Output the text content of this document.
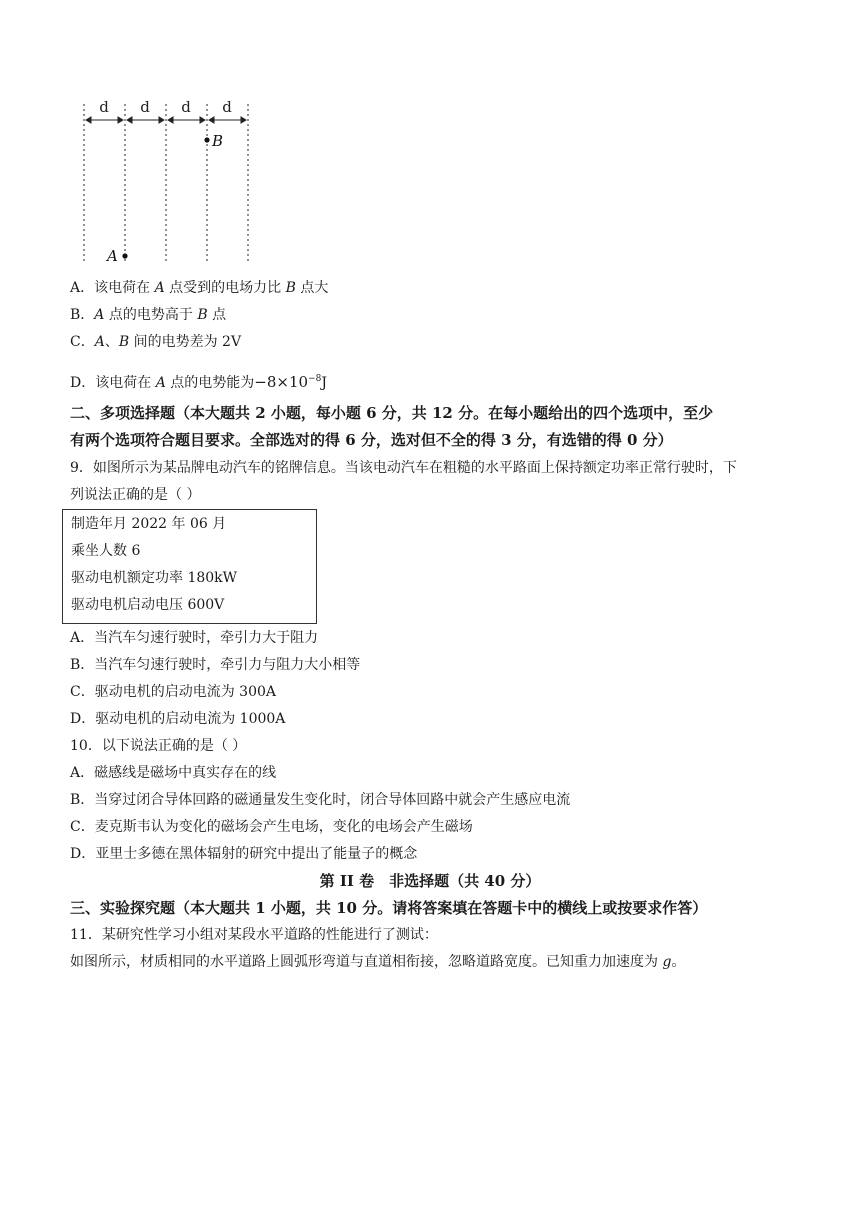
d d d d
B
A
A．该电荷在 A 点受到的电场力比 B 点大
B．A 点的电势高于 B 点
C．A、B 间的电势差为 2V
D．该电荷在 A 点的电势能为$-8\times 10^{-8}J$
二、多项选择题（本大题共 2 小题，每小题 6 分，共 12 分。在每小题给出的四个选项中，至少
有两个选项符合题目要求。全部选对的得 6 分，选对但不全的得 3 分，有选错的得 0 分）
9．如图所示为某品牌电动汽车的铭牌信息。当该电动汽车在粗糙的水平路面上保持额定功率正常行驶时，下
列说法正确的是（ ）
制造年月 2022 年 06 月
乘坐人数 6
驱动电机额定功率 180kW
驱动电机启动电压 600V
A．当汽车匀速行驶时，牵引力大于阻力
B．当汽车匀速行驶时，牵引力与阻力大小相等
C．驱动电机的启动电流为 300A
D．驱动电机的启动电流为 1000A
10．以下说法正确的是（ ）
A．磁感线是磁场中真实存在的线
B．当穿过闭合导体回路的磁通量发生变化时，闭合导体回路中就会产生感应电流
C．麦克斯韦认为变化的磁场会产生电场，变化的电场会产生磁场
D．亚里士多德在黑体辐射的研究中提出了能量子的概念
第 II 卷　非选择题（共 40 分）
三、实验探究题（本大题共 1 小题，共 10 分。请将答案填在答题卡中的横线上或按要求作答）
11．某研究性学习小组对某段水平道路的性能进行了测试：
如图所示，材质相同的水平道路上圆弧形弯道与直道相衔接，忽略道路宽度。已知重力加速度为 g。
